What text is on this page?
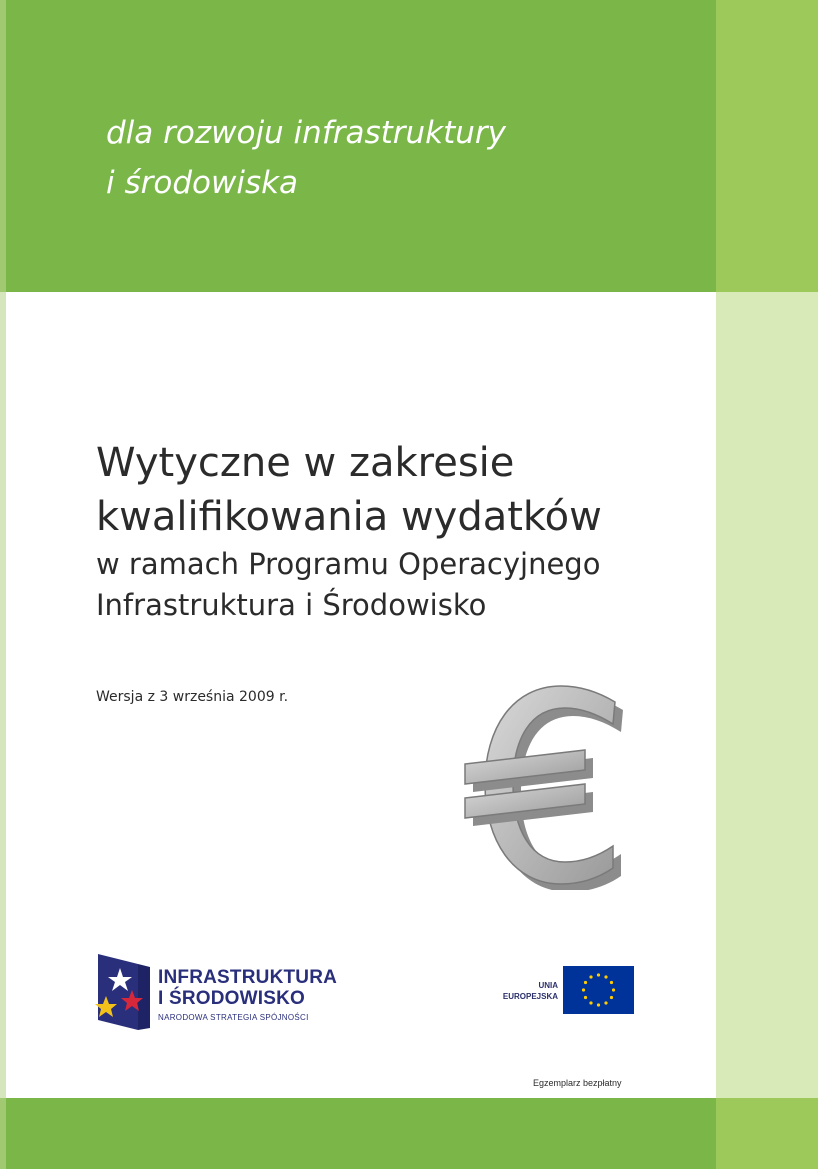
dla rozwoju infrastruktury
i środowiska
Wytyczne w zakresie
kwalifikowania wydatków
w ramach Programu Operacyjnego
Infrastruktura i Środowisko
Wersja z 3 września 2009 r.
INFRASTRUKTURA
I ŚRODOWISKO
NARODOWA STRATEGIA SPÓJNOŚCI
UNIA
EUROPEJSKA
Egzemplarz bezpłatny
